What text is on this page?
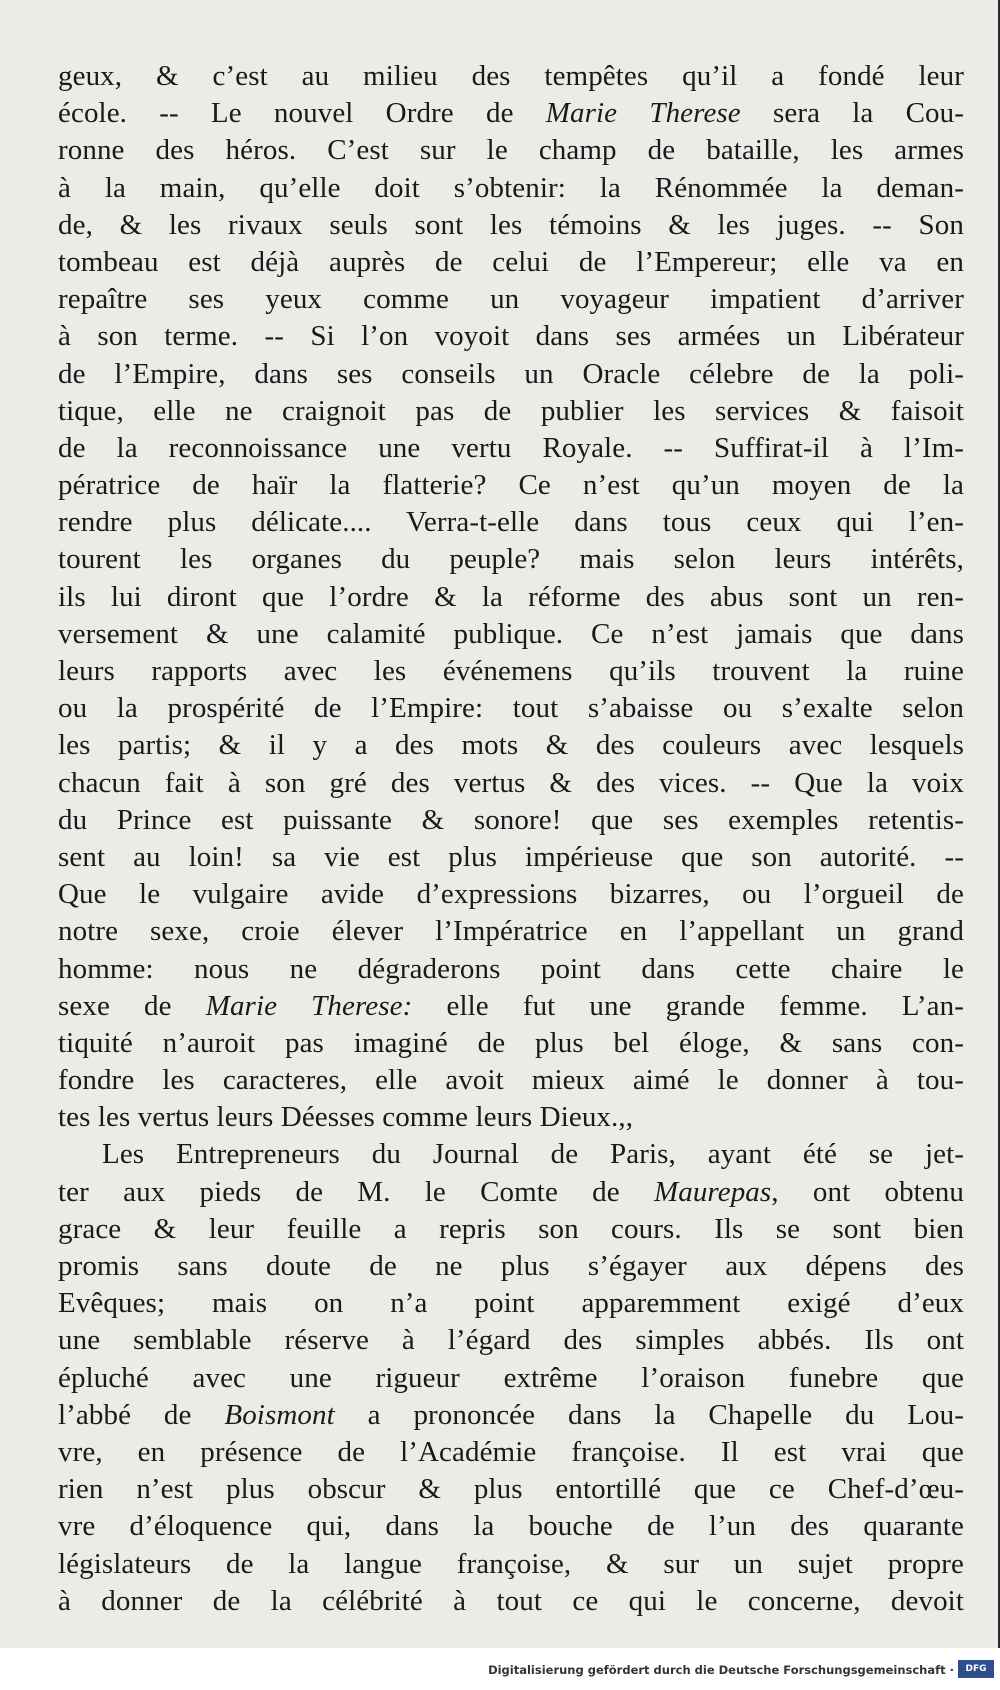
geux, & c’est au milieu des tempêtes qu’il a fondé leur
école. -- Le nouvel Ordre de Marie Therese sera la Cou-
ronne des héros. C’est sur le champ de bataille, les armes
à la main, qu’elle doit s’obtenir: la Rénommée la deman-
de, & les rivaux seuls sont les témoins & les juges. -- Son
tombeau est déjà auprès de celui de l’Empereur; elle va en
repaître ses yeux comme un voyageur impatient d’arriver
à son terme. -- Si l’on voyoit dans ses armées un Libérateur
de l’Empire, dans ses conseils un Oracle célebre de la poli-
tique, elle ne craignoit pas de publier les services & faisoit
de la reconnoissance une vertu Royale. -- Suffirat-il à l’Im-
pératrice de haïr la flatterie? Ce n’est qu’un moyen de la
rendre plus délicate.... Verra-t-elle dans tous ceux qui l’en-
tourent les organes du peuple? mais selon leurs intérêts,
ils lui diront que l’ordre & la réforme des abus sont un ren-
versement & une calamité publique. Ce n’est jamais que dans
leurs rapports avec les événemens qu’ils trouvent la ruine
ou la prospérité de l’Empire: tout s’abaisse ou s’exalte selon
les partis; & il y a des mots & des couleurs avec lesquels
chacun fait à son gré des vertus & des vices. -- Que la voix
du Prince est puissante & sonore! que ses exemples retentis-
sent au loin! sa vie est plus impérieuse que son autorité. --
Que le vulgaire avide d’expressions bizarres, ou l’orgueil de
notre sexe, croie élever l’Impératrice en l’appellant un grand
homme: nous ne dégraderons point dans cette chaire le
sexe de Marie Therese: elle fut une grande femme. L’an-
tiquité n’auroit pas imaginé de plus bel éloge, & sans con-
fondre les caracteres, elle avoit mieux aimé le donner à tou-
tes les vertus leurs Déesses comme leurs Dieux.,,
Les Entrepreneurs du Journal de Paris, ayant été se jet-
ter aux pieds de M. le Comte de Maurepas, ont obtenu
grace & leur feuille a repris son cours. Ils se sont bien
promis sans doute de ne plus s’égayer aux dépens des
Evêques; mais on n’a point apparemment exigé d’eux
une semblable réserve à l’égard des simples abbés. Ils ont
épluché avec une rigueur extrême l’oraison funebre que
l’abbé de Boismont a prononcée dans la Chapelle du Lou-
vre, en présence de l’Académie françoise. Il est vrai que
rien n’est plus obscur & plus entortillé que ce Chef-d’œu-
vre d’éloquence qui, dans la bouche de l’un des quarante
législateurs de la langue françoise, & sur un sujet propre
à donner de la célébrité à tout ce qui le concerne, devoit
Digitalisierung gefördert durch die Deutsche Forschungsgemeinschaft ·	DFG
